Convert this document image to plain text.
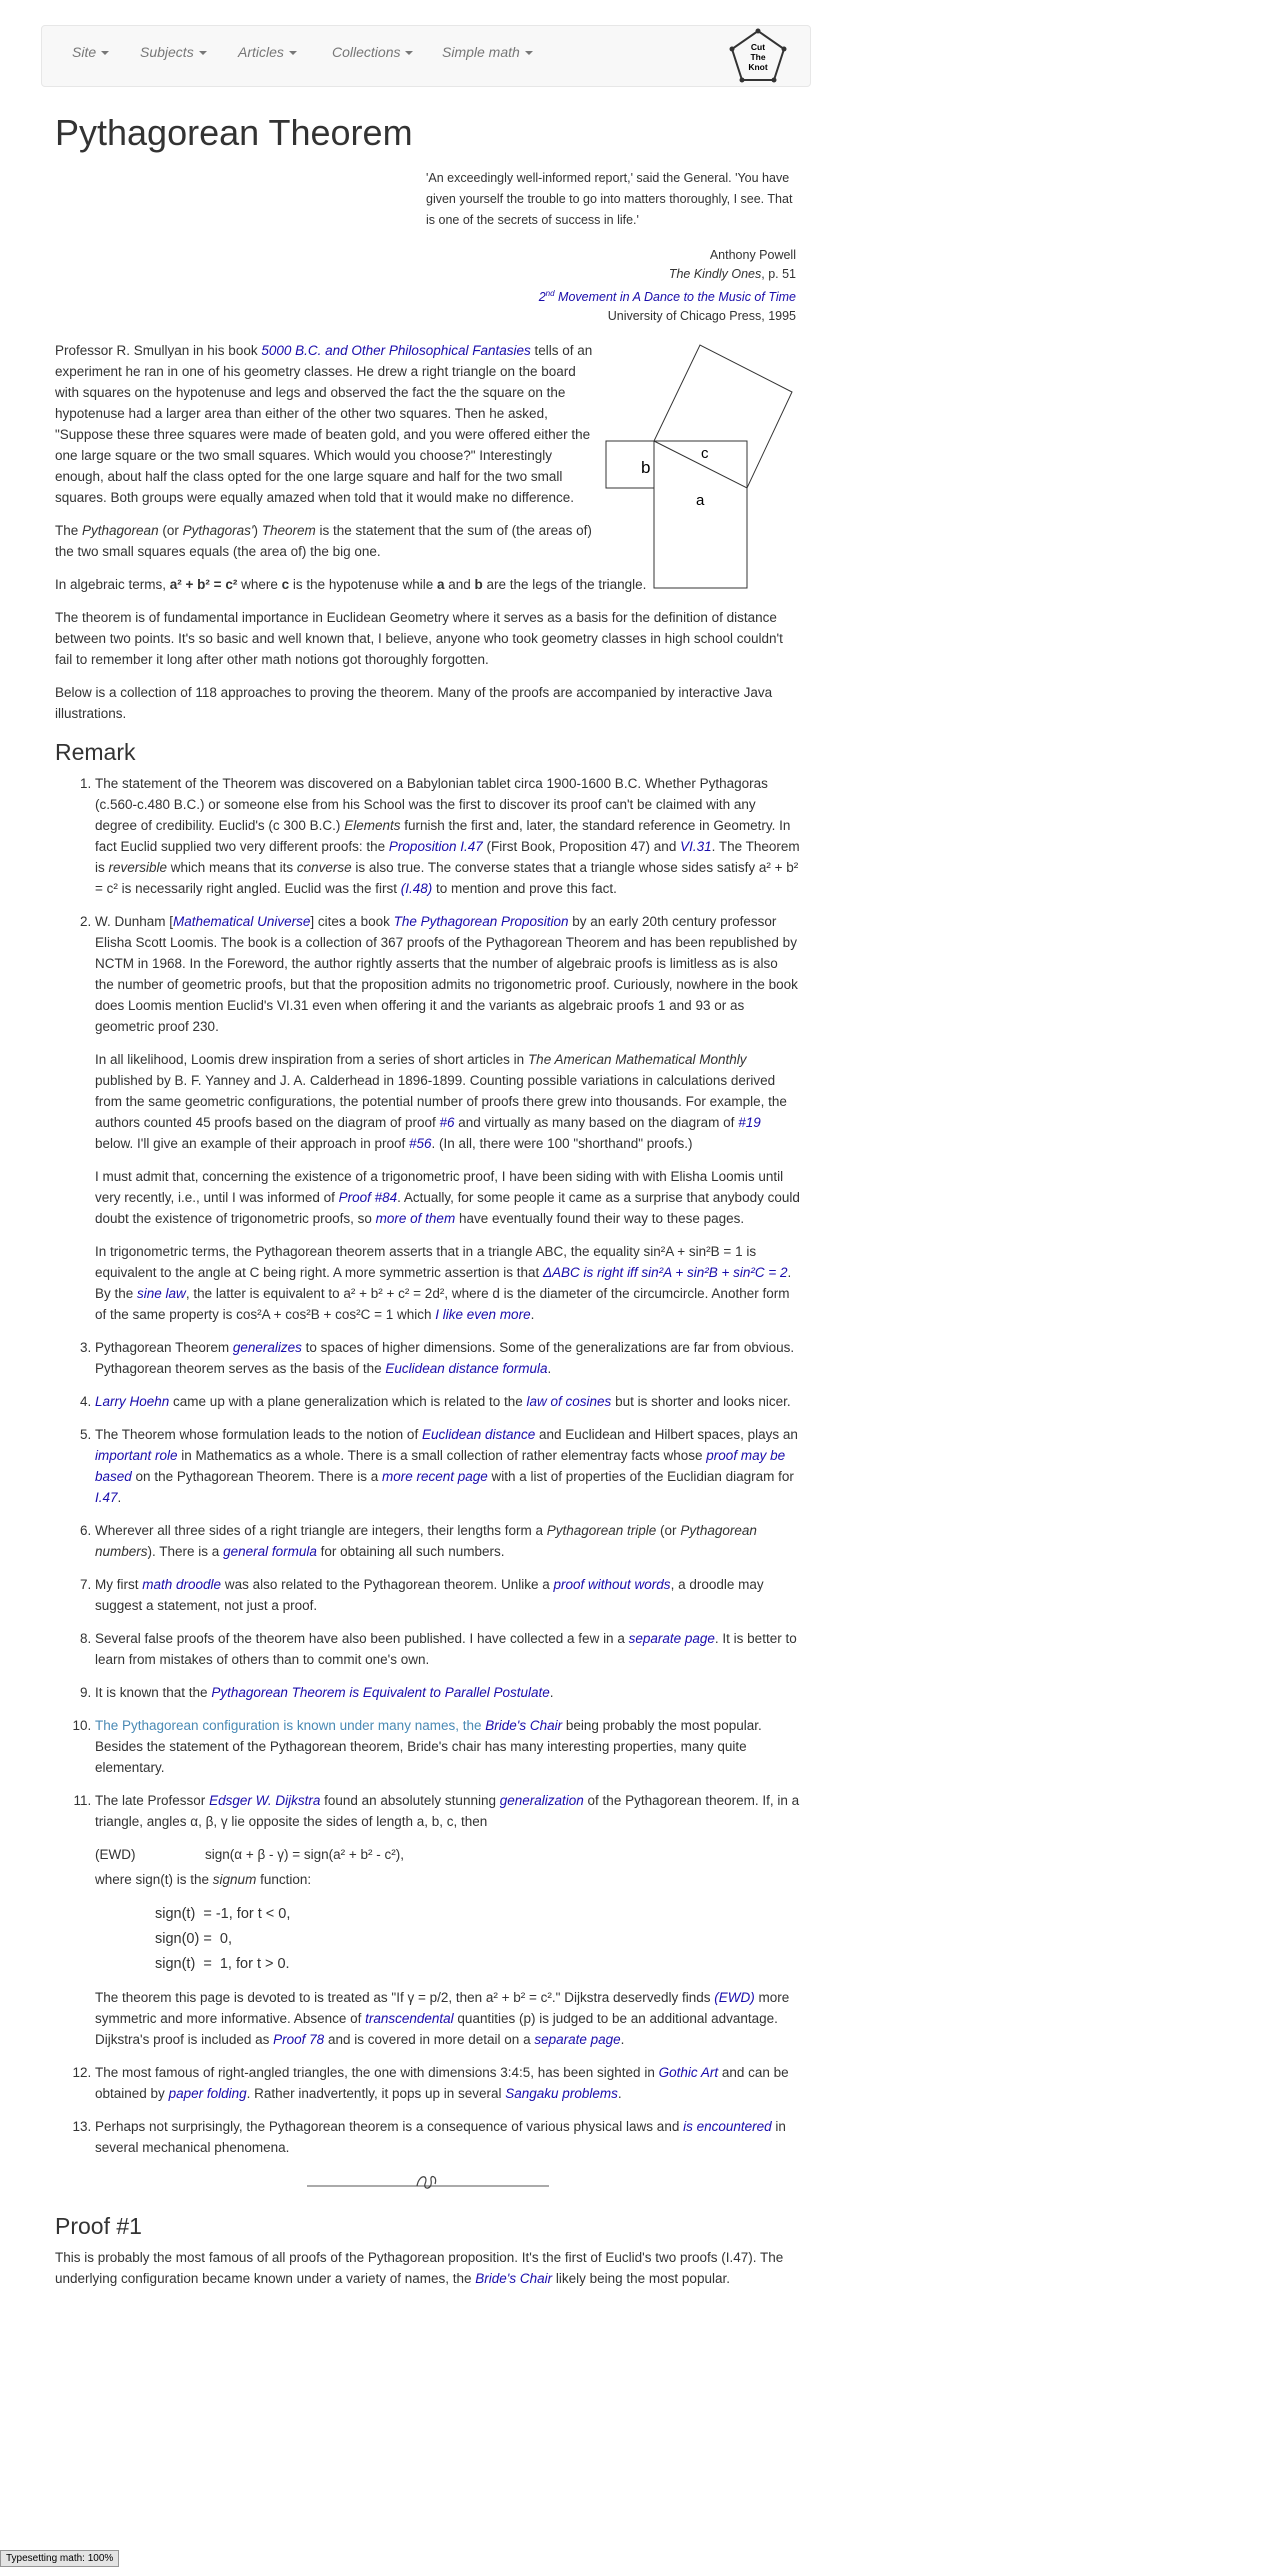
Site	Subjects	Articles	Collections	Simple math	Cut
The
Knot
Pythagorean Theorem
'An exceedingly well-informed report,' said the General. 'You have given yourself the trouble to go into matters thoroughly, I see. That is one of the secrets of success in life.'
Anthony Powell
The Kindly Ones, p. 51
2nd Movement in A Dance to the Music of Time
University of Chicago Press, 1995
b
c
a

Professor R. Smullyan in his book 5000 B.C. and Other Philosophical Fantasies tells of an experiment he ran in one of his geometry classes. He drew a right triangle on the board with squares on the hypotenuse and legs and observed the fact the the square on the hypotenuse had a larger area than either of the other two squares. Then he asked, "Suppose these three squares were made of beaten gold, and you were offered either the one large square or the two small squares. Which would you choose?" Interestingly enough, about half the class opted for the one large square and half for the two small squares. Both groups were equally amazed when told that it would make no difference.

The Pythagorean (or Pythagoras') Theorem is the statement that the sum of (the areas of) the two small squares equals (the area of) the big one.

In algebraic terms, a² + b² = c² where c is the hypotenuse while a and b are the legs of the triangle.

The theorem is of fundamental importance in Euclidean Geometry where it serves as a basis for the definition of distance between two points. It's so basic and well known that, I believe, anyone who took geometry classes in high school couldn't fail to remember it long after other math notions got thoroughly forgotten.

Below is a collection of 118 approaches to proving the theorem. Many of the proofs are accompanied by interactive Java illustrations.

Remark
1. The statement of the Theorem was discovered on a Babylonian tablet circa 1900-1600 B.C. Whether Pythagoras (c.560-c.480 B.C.) or someone else from his School was the first to discover its proof can't be claimed with any degree of credibility. Euclid's (c 300 B.C.) Elements furnish the first and, later, the standard reference in Geometry. In fact Euclid supplied two very different proofs: the Proposition I.47 (First Book, Proposition 47) and VI.31. The Theorem is reversible which means that its converse is also true. The converse states that a triangle whose sides satisfy a² + b² = c² is necessarily right angled. Euclid was the first (I.48) to mention and prove this fact.

2. W. Dunham [Mathematical Universe] cites a book The Pythagorean Proposition by an early 20th century professor Elisha Scott Loomis. The book is a collection of 367 proofs of the Pythagorean Theorem and has been republished by NCTM in 1968. In the Foreword, the author rightly asserts that the number of algebraic proofs is limitless as is also the number of geometric proofs, but that the proposition admits no trigonometric proof. Curiously, nowhere in the book does Loomis mention Euclid's VI.31 even when offering it and the variants as algebraic proofs 1 and 93 or as geometric proof 230.

In all likelihood, Loomis drew inspiration from a series of short articles in The American Mathematical Monthly published by B. F. Yanney and J. A. Calderhead in 1896-1899. Counting possible variations in calculations derived from the same geometric configurations, the potential number of proofs there grew into thousands. For example, the authors counted 45 proofs based on the diagram of proof #6 and virtually as many based on the diagram of #19 below. I'll give an example of their approach in proof #56. (In all, there were 100 "shorthand" proofs.)

I must admit that, concerning the existence of a trigonometric proof, I have been siding with with Elisha Loomis until very recently, i.e., until I was informed of Proof #84. Actually, for some people it came as a surprise that anybody could doubt the existence of trigonometric proofs, so more of them have eventually found their way to these pages.

In trigonometric terms, the Pythagorean theorem asserts that in a triangle ABC, the equality sin²A + sin²B = 1 is equivalent to the angle at C being right. A more symmetric assertion is that ΔABC is right iff sin²A + sin²B + sin²C = 2. By the sine law, the latter is equivalent to a² + b² + c² = 2d², where d is the diameter of the circumcircle. Another form of the same property is cos²A + cos²B + cos²C = 1 which I like even more.

3. Pythagorean Theorem generalizes to spaces of higher dimensions. Some of the generalizations are far from obvious. Pythagorean theorem serves as the basis of the Euclidean distance formula.
4. Larry Hoehn came up with a plane generalization which is related to the law of cosines but is shorter and looks nicer.
5. The Theorem whose formulation leads to the notion of Euclidean distance and Euclidean and Hilbert spaces, plays an important role in Mathematics as a whole. There is a small collection of rather elementray facts whose proof may be based on the Pythagorean Theorem. There is a more recent page with a list of properties of the Euclidian diagram for I.47.
6. Wherever all three sides of a right triangle are integers, their lengths form a Pythagorean triple (or Pythagorean numbers). There is a general formula for obtaining all such numbers.
7. My first math droodle was also related to the Pythagorean theorem. Unlike a proof without words, a droodle may suggest a statement, not just a proof.
8. Several false proofs of the theorem have also been published. I have collected a few in a separate page. It is better to learn from mistakes of others than to commit one's own.
9. It is known that the Pythagorean Theorem is Equivalent to Parallel Postulate.
10. The Pythagorean configuration is known under many names, the Bride's Chair being probably the most popular. Besides the statement of the Pythagorean theorem, Bride's chair has many interesting properties, many quite elementary.

11. The late Professor Edsger W. Dijkstra found an absolutely stunning generalization of the Pythagorean theorem. If, in a triangle, angles α, β, γ lie opposite the sides of length a, b, c, then

(EWD)	sign(α + β - γ) = sign(a² + b² - c²),
where sign(t) is the signum function:
sign(t)  = -1, for t < 0,
sign(0) =  0,
sign(t)  =  1, for t > 0.

The theorem this page is devoted to is treated as "If γ = p/2, then a² + b² = c²." Dijkstra deservedly finds (EWD) more symmetric and more informative. Absence of transcendental quantities (p) is judged to be an additional advantage. Dijkstra's proof is included as Proof 78 and is covered in more detail on a separate page.

12. The most famous of right-angled triangles, the one with dimensions 3:4:5, has been sighted in Gothic Art and can be obtained by paper folding. Rather inadvertently, it pops up in several Sangaku problems.
13. Perhaps not surprisingly, the Pythagorean theorem is a consequence of various physical laws and is encountered in several mechanical phenomena.
Proof #1

This is probably the most famous of all proofs of the Pythagorean proposition. It's the first of Euclid's two proofs (I.47). The underlying configuration became known under a variety of names, the Bride's Chair likely being the most popular.

Typesetting math: 100%
